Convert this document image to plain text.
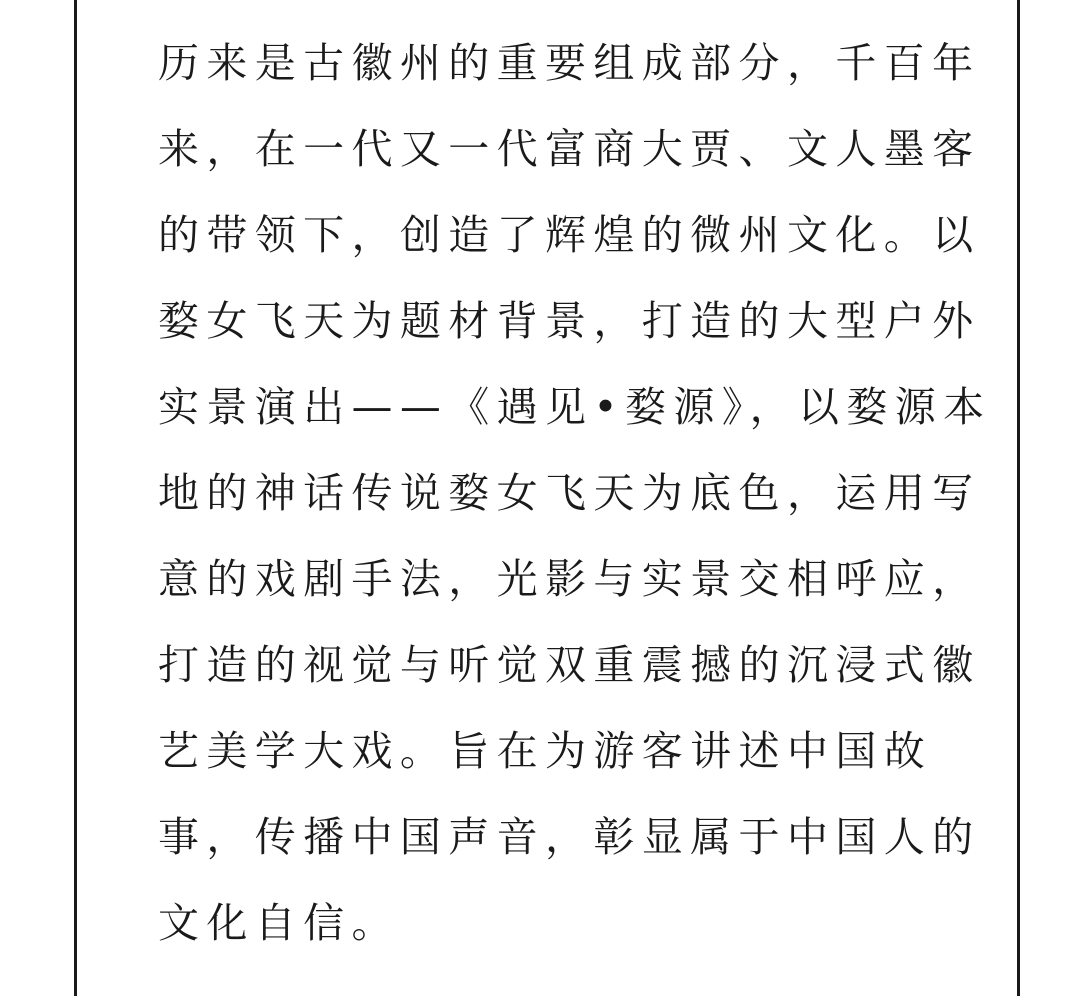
历来是古徽州的重要组成部分，千百年
来，在一代又一代富商大贾、文人墨客
的带领下，创造了辉煌的微州文化。以
婺女飞天为题材背景，打造的大型户外
实景演出——《遇见•婺源》，以婺源本
地的神话传说婺女飞天为底色，运用写
意的戏剧手法，光影与实景交相呼应，
打造的视觉与听觉双重震撼的沉浸式徽
艺美学大戏。旨在为游客讲述中国故
事，传播中国声音，彰显属于中国人的
文化自信。
